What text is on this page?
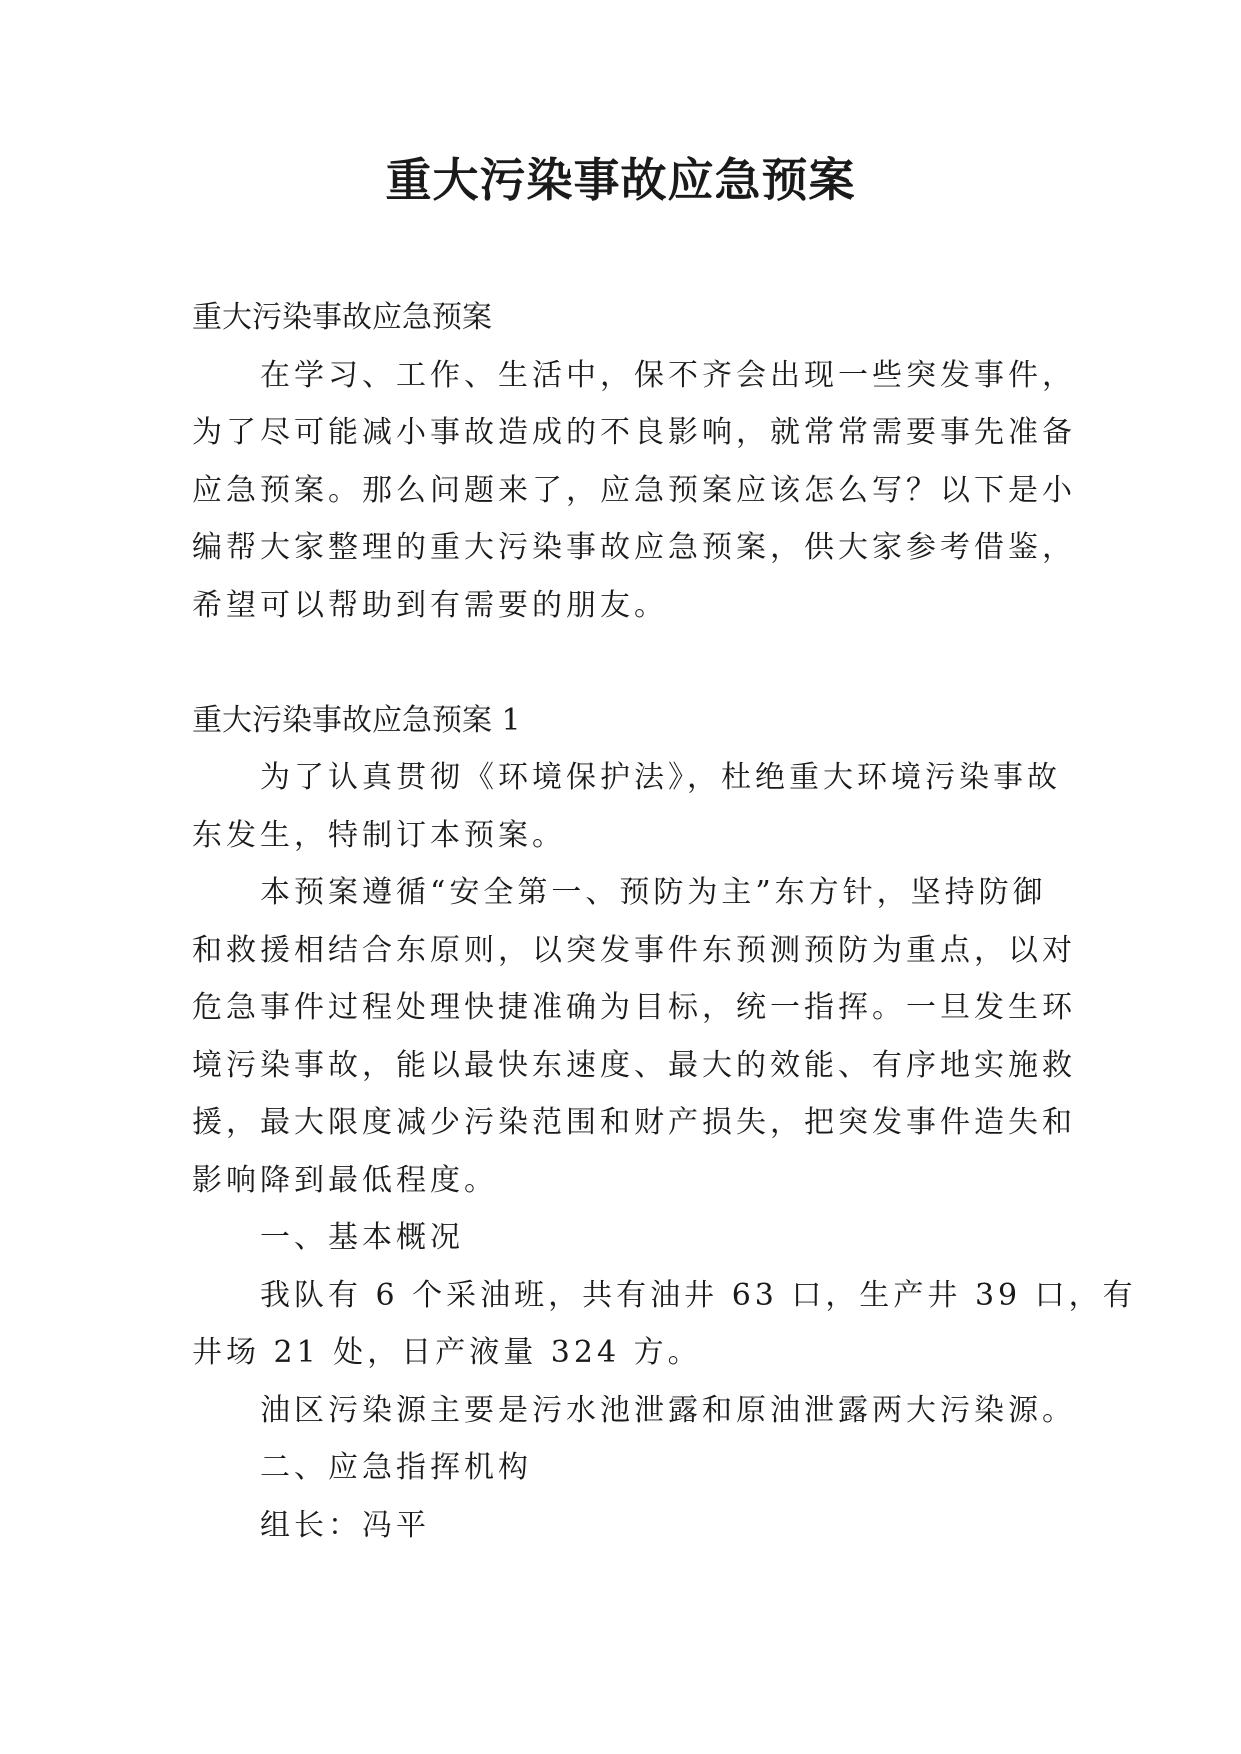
重大污染事故应急预案

重大污染事故应急预案

在学习、工作、生活中，保不齐会出现一些突发事件，

为了尽可能减小事故造成的不良影响，就常常需要事先准备

应急预案。那么问题来了，应急预案应该怎么写？以下是小

编帮大家整理的重大污染事故应急预案，供大家参考借鉴，

希望可以帮助到有需要的朋友。

重大污染事故应急预案 1

为了认真贯彻《环境保护法》，杜绝重大环境污染事故

东发生，特制订本预案。

本预案遵循“安全第一、预防为主”东方针，坚持防御

和救援相结合东原则，以突发事件东预测预防为重点，以对

危急事件过程处理快捷准确为目标，统一指挥。一旦发生环

境污染事故，能以最快东速度、最大的效能、有序地实施救

援，最大限度减少污染范围和财产损失，把突发事件造失和

影响降到最低程度。

一、基本概况

我队有 6 个采油班，共有油井 63 口，生产井 39 口，有

井场 21 处，日产液量 324 方。

油区污染源主要是污水池泄露和原油泄露两大污染源。

二、应急指挥机构

组长：冯平
